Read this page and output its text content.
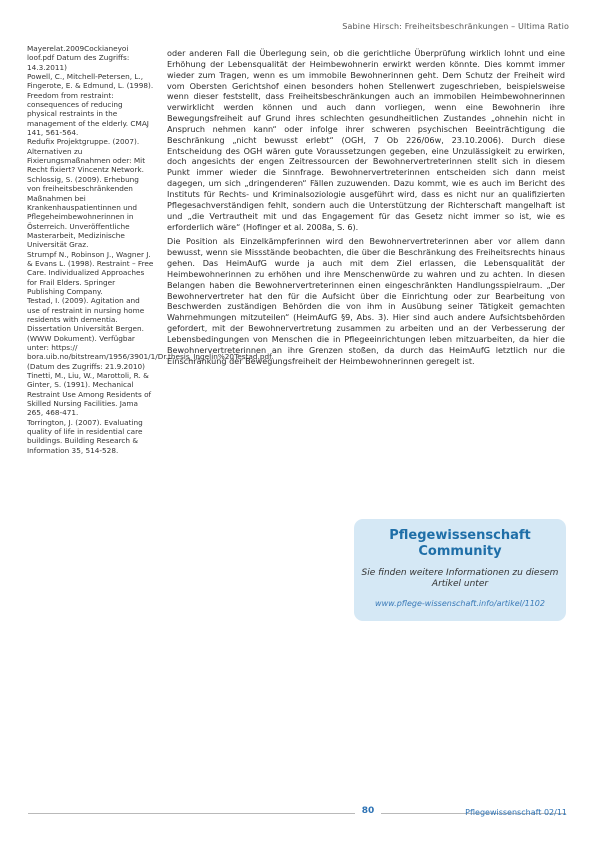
Sabine Hirsch: Freiheitsbeschränkungen – Ultima Ratio

Mayerelat.2009Cockianeyoi loof.pdf Datum des Zugriffs: 14.3.2011)

Powell, C., Mitchell-Petersen, L., Fingerote, E. & Edmund, L. (1998). Freedom from restraint: consequences of reducing physical restraints in the management of the elderly. CMAJ 141, 561-564.

Redufix Projektgruppe. (2007). Alternativen zu Fixierungsmaßnahmen oder: Mit Recht fixiert? Vincentz Network.

Schlossig, S. (2009). Erhebung von freiheitsbeschränkenden Maßnahmen bei Krankenhauspatientinnen und Pflegeheimbewohnerinnen in Österreich. Unveröffentliche Masterarbeit, Medizinische Universität Graz.

Strumpf N., Robinson J., Wagner J. & Evans L. (1998). Restraint – Free Care. Individualized Approaches for Frail Elders. Springer Publishing Company.

Testad, I. (2009). Agitation and use of restraint in nursing home residents with dementia. Dissertation Universität Bergen. (WWW Dokument). Verfügbar unter: https:// bora.uib.no/bitstream/1956/3901/1/Dr.thesis_Ingelin%20Testad.pdf. (Datum des Zugriffs: 21.9.2010)

Tinetti, M., Liu, W., Marottoli, R. & Ginter, S. (1991). Mechanical Restraint Use Among Residents of Skilled Nursing Facilities. Jama 265, 468-471.

Torrington, J. (2007). Evaluating quality of life in residential care buildings. Building Research & Information 35, 514-528.

oder anderen Fall die Überlegung sein, ob die gerichtliche Überprüfung wirklich lohnt und eine Erhöhung der Lebensqualität der Heimbewohnerin erwirkt werden könnte. Dies kommt immer wieder zum Tragen, wenn es um immobile Bewohnerinnen geht. Dem Schutz der Freiheit wird vom Obersten Gerichtshof einen besonders hohen Stellenwert zugeschrieben, beispielsweise wenn dieser feststellt, dass Freiheitsbeschränkungen auch an immobilen Heimbewohnerinnen verwirklicht werden können und auch dann vorliegen, wenn eine Bewohnerin ihre Bewegungsfreiheit auf Grund ihres schlechten gesundheitlichen Zustandes „ohnehin nicht in Anspruch nehmen kann“ oder infolge ihrer schweren psychischen Beeinträchtigung die Beschränkung „nicht bewusst erlebt“ (OGH, 7 Ob 226/06w, 23.10.2006). Durch diese Entscheidung des OGH wären gute Voraussetzungen gegeben, eine Unzulässigkeit zu erwirken, doch angesichts der engen Zeitressourcen der Bewohnervertreterinnen stellt sich in diesem Punkt immer wieder die Sinnfrage. Bewohnervertreterinnen entscheiden sich dann meist dagegen, um sich „dringenderen“ Fällen zuzuwenden. Dazu kommt, wie es auch im Bericht des Instituts für Rechts- und Kriminalsoziologie ausgeführt wird, dass es nicht nur an qualifizierten Pflegesachverständigen fehlt, sondern auch die Unterstützung der Richterschaft mangelhaft ist und „die Vertrautheit mit und das Engagement für das Gesetz nicht immer so ist, wie es erforderlich wäre“ (Hofinger et al. 2008a, S. 6).

Die Position als Einzelkämpferinnen wird den Bewohnervertreterinnen aber vor allem dann bewusst, wenn sie Missstände beobachten, die über die Beschränkung des Freiheitsrechts hinaus gehen. Das HeimAufG wurde ja auch mit dem Ziel erlassen, die Lebensqualität der Heimbewohnerinnen zu erhöhen und ihre Menschenwürde zu wahren und zu achten. In diesen Belangen haben die Bewohnervertreterinnen einen eingeschränkten Handlungsspielraum. „Der Bewohnervertreter hat den für die Aufsicht über die Einrichtung oder zur Bearbeitung von Beschwerden zuständigen Behörden die von ihm in Ausübung seiner Tätigkeit gemachten Wahrnehmungen mitzuteilen“ (HeimAufG §9, Abs. 3). Hier sind auch andere Aufsichtsbehörden gefordert, mit der Bewohnervertretung zusammen zu arbeiten und an der Verbesserung der Lebensbedingungen von Menschen die in Pflegeeinrichtungen leben mitzuarbeiten, da hier die Bewohnervertreterinnen an ihre Grenzen stoßen, da durch das HeimAufG letztlich nur die Einschränkung der Bewegungsfreiheit der Heimbewohnerinnen geregelt ist.

Pflegewissenschaft
Community
Sie finden weitere Informationen zu diesem Artikel unter
www.pflege-wissenschaft.info/artikel/1102
80	Pflegewissenschaft 02/11
